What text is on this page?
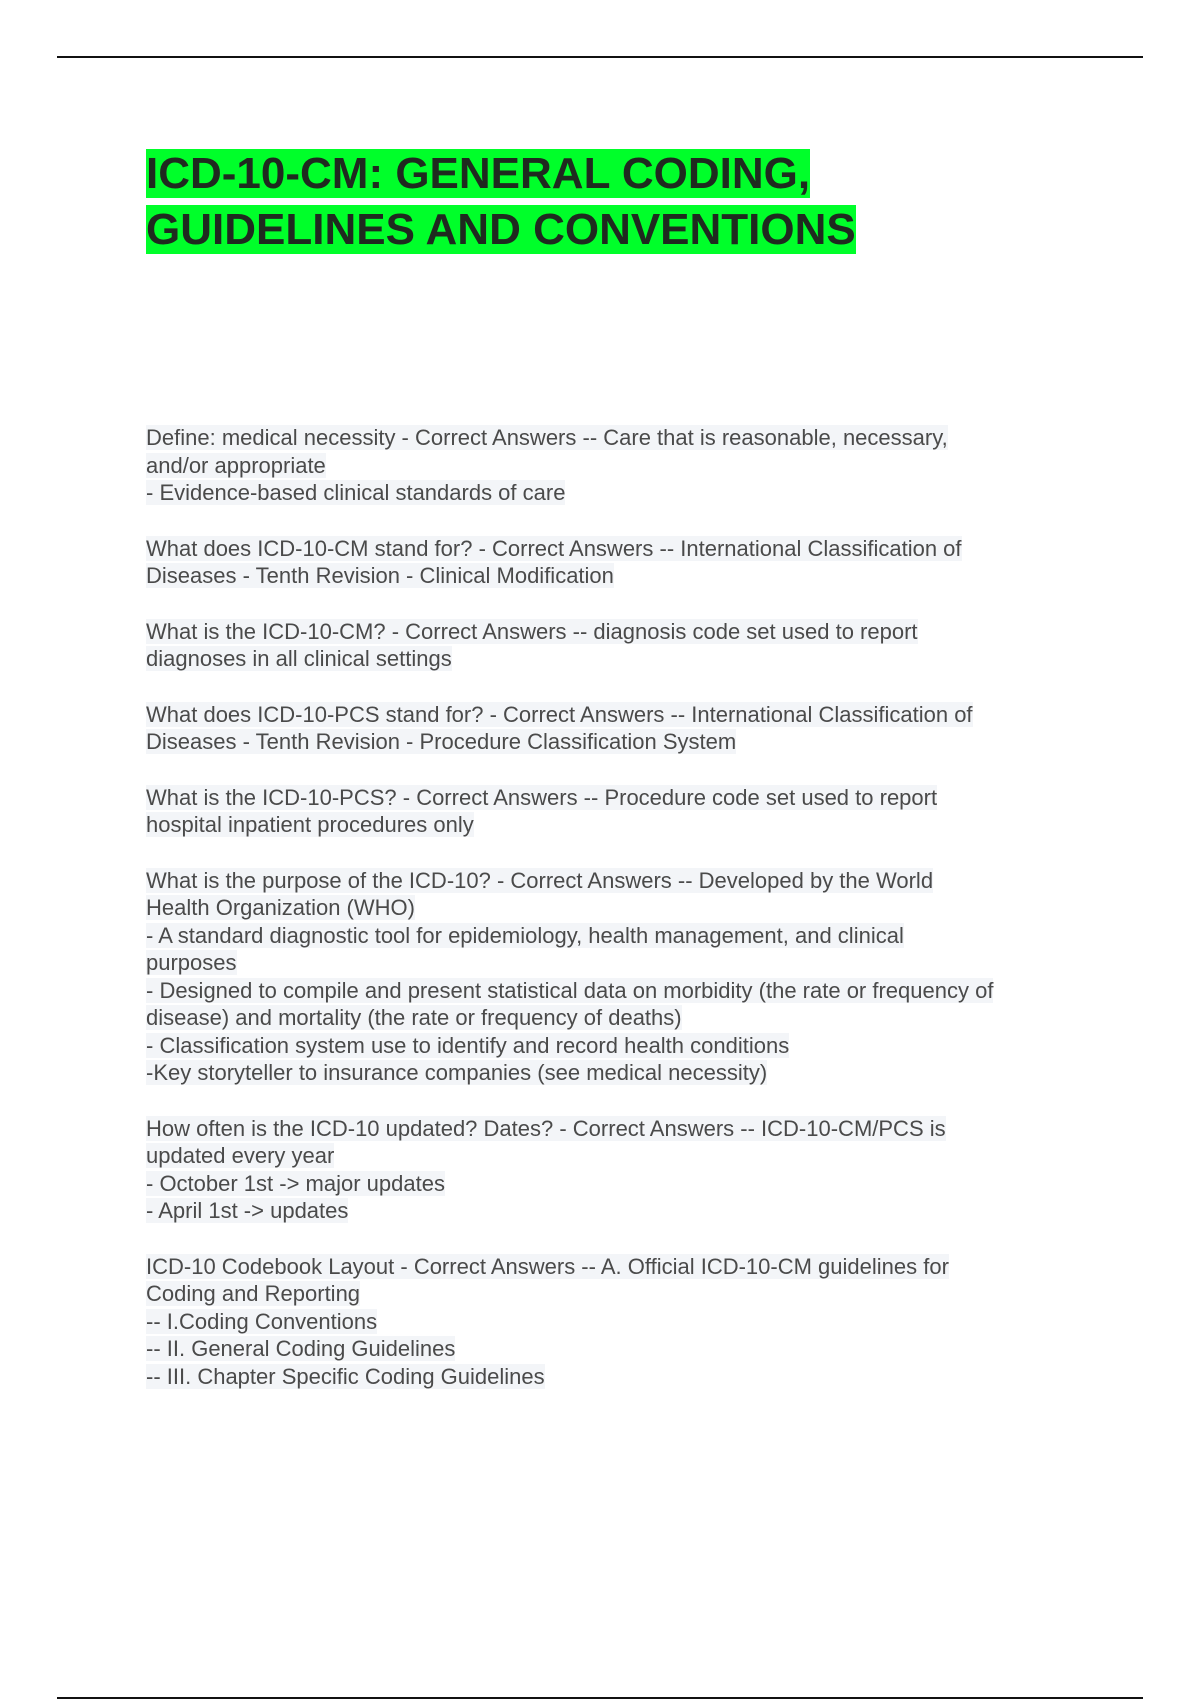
ICD-10-CM: GENERAL CODING,
GUIDELINES AND CONVENTIONS

Define: medical necessity - Correct Answers -- Care that is reasonable, necessary,
and/or appropriate
- Evidence-based clinical standards of care

What does ICD-10-CM stand for? - Correct Answers -- International Classification of
Diseases - Tenth Revision - Clinical Modification

What is the ICD-10-CM? - Correct Answers -- diagnosis code set used to report
diagnoses in all clinical settings

What does ICD-10-PCS stand for? - Correct Answers -- International Classification of
Diseases - Tenth Revision - Procedure Classification System

What is the ICD-10-PCS? - Correct Answers -- Procedure code set used to report
hospital inpatient procedures only

What is the purpose of the ICD-10? - Correct Answers -- Developed by the World
Health Organization (WHO)
- A standard diagnostic tool for epidemiology, health management, and clinical
purposes
- Designed to compile and present statistical data on morbidity (the rate or frequency of
disease) and mortality (the rate or frequency of deaths)
- Classification system use to identify and record health conditions
-Key storyteller to insurance companies (see medical necessity)

How often is the ICD-10 updated? Dates? - Correct Answers -- ICD-10-CM/PCS is
updated every year
- October 1st -> major updates
- April 1st -> updates

ICD-10 Codebook Layout - Correct Answers -- A. Official ICD-10-CM guidelines for
Coding and Reporting
-- I.Coding Conventions
-- II. General Coding Guidelines
-- III. Chapter Specific Coding Guidelines
